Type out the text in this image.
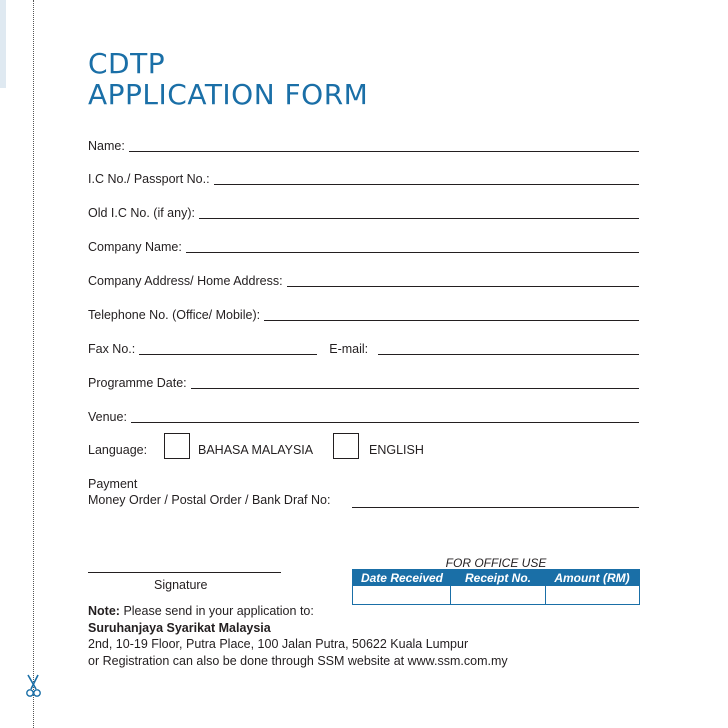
CDTP
APPLICATION FORM
Name:
I.C No./ Passport No.:
Old I.C No. (if any):
Company Name:
Company Address/ Home Address:
Telephone No. (Office/ Mobile):
Fax No.:	E-mail:
Programme Date:
Venue:
Language:	BAHASA MALAYSIA	ENGLISH
Payment
Money Order / Postal Order / Bank Draf No:
Signature
FOR OFFICE USE
Date Received	Receipt No.	Amount (RM)
Note: Please send in your application to:
Suruhanjaya Syarikat Malaysia
2nd, 10-19 Floor, Putra Place, 100 Jalan Putra, 50622 Kuala Lumpur
or Registration can also be done through SSM website at www.ssm.com.my
